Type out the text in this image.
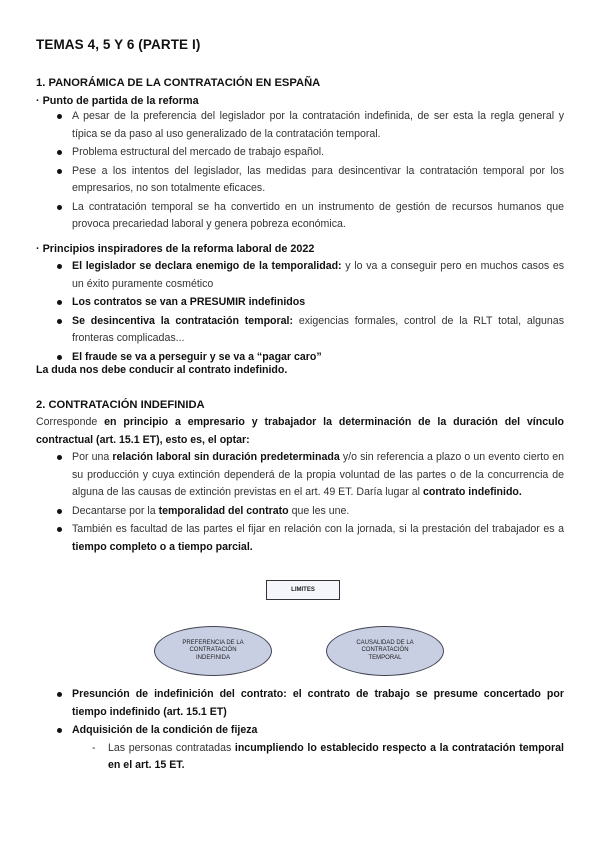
TEMAS 4, 5 Y 6 (PARTE I)
1. PANORÁMICA DE LA CONTRATACIÓN EN ESPAÑA
· Punto de partida de la reforma
A pesar de la preferencia del legislador por la contratación indefinida, de ser esta la regla general y típica se da paso al uso generalizado de la contratación temporal.
Problema estructural del mercado de trabajo español.
Pese a los intentos del legislador, las medidas para desincentivar la contratación temporal por los empresarios, no son totalmente eficaces.
La contratación temporal se ha convertido en un instrumento de gestión de recursos humanos que provoca precariedad laboral y genera pobreza económica.
· Principios inspiradores de la reforma laboral de 2022
El legislador se declara enemigo de la temporalidad: y lo va a conseguir pero en muchos casos es un éxito puramente cosmético
Los contratos se van a PRESUMIR indefinidos
Se desincentiva la contratación temporal: exigencias formales, control de la RLT total, algunas fronteras complicadas...
El fraude se va a perseguir y se va a “pagar caro”
La duda nos debe conducir al contrato indefinido.
2. CONTRATACIÓN INDEFINIDA
Corresponde en principio a empresario y trabajador la determinación de la duración del vínculo contractual (art. 15.1 ET), esto es, el optar:
Por una relación laboral sin duración predeterminada y/o sin referencia a plazo o un evento cierto en su producción y cuya extinción dependerá de la propia voluntad de las partes o de la concurrencia de alguna de las causas de extinción previstas en el art. 49 ET. Daría lugar al contrato indefinido.
Decantarse por la temporalidad del contrato que les une.
También es facultad de las partes el fijar en relación con la jornada, si la prestación del trabajador es a tiempo completo o a tiempo parcial.
LIMITES
PREFERENCIA DE LA CONTRATACIÓN INDEFINIDA
CAUSALIDAD DE LA CONTRATACIÓN TEMPORAL
Presunción de indefinición del contrato: el contrato de trabajo se presume concertado por tiempo indefinido (art. 15.1 ET)
Adquisición de la condición de fijeza
- Las personas contratadas incumpliendo lo establecido respecto a la contratación temporal en el art. 15 ET.
